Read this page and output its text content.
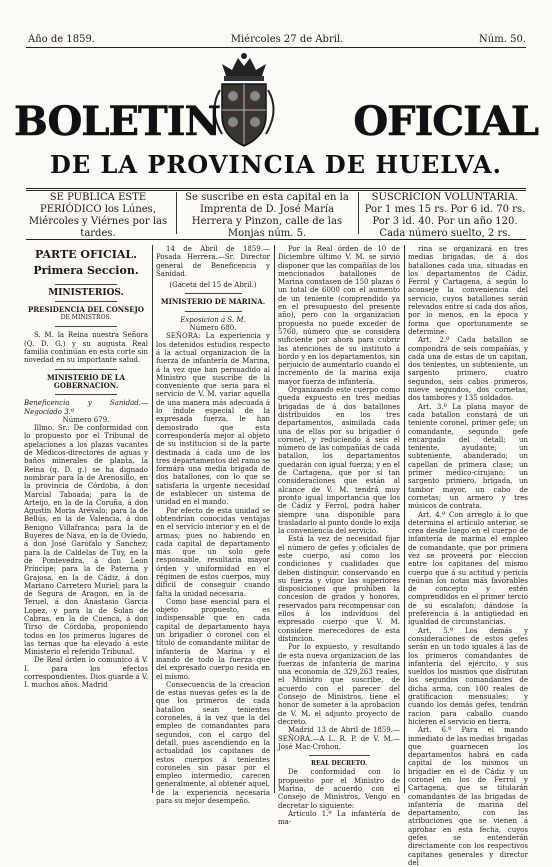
Año de 1859.	Miércoles 27 de Abril.	Núm. 50.
BOLETIN	OFICIAL
DE LA PROVINCIA DE HUELVA.
SE PUBLICA ESTE PERIÓDICO los Lúnes, Miércoles y Viérnes por las tardes.
Se suscribe en esta capital en la Imprenta de D. José María Herrera y Pinzon, calle de las Monjas núm. 5.
SUSCRICION VOLUNTARIA.
Por 1 mes 15 rs. Por 6 id. 70 rs.
Por 3 id. 40. Por un año 120.
Cada número suelto, 2 rs.
PARTE OFICIAL.
Primera Seccion.
MINISTERIOS.
PRESIDENCIA DEL CONSEJO
DE MINISTROS.

S. M. la Reina nuestra Señora (Q. D. G.) y su augusta Real familia continúan en esta corte sin novedad en su importante salud.

MINISTERIO DE LA GOBERNACION.
Beneficencia y Sanidad.— Negociado 3.º
Número 679.

Illmo. Sr.: De conformidad con lo propuesto por el Tribunal de apelaciones a los plazas vacantes de Médicos-directores de aguas y baños minerales de planta, la Reina (q. D. g.) se ha dignado nombrar para la de Arenosillo, en la provincia de Córdoba, á don Marcial Taboada; para la de Arteijo, en la de la Coruña, á don Agustin Moria Arévalo; para la de Bellús, en la de Valencia, á don Benigno Villafranca; para la de Buyeres de Nava, en la de Oviedo, á don José Garófalo y Sanchez; para la de Caldelas de Tuy, en la de Pontevedra, á don Leon Príncipe; para la de Paterna y Grajosa, en la de Cádiz, á don Mariano Carretero Muriel; para la de Segura de Aragon, en la de Teruel, á don Anastasio Garcia Lopez, y para la de Solan de Cabras, en la de Cuenca, á don Tirso de Córdoba, proponiendo todos en los primeros lugares de las ternas que ha elevado á este Ministerio el referido Tribunal.

De Real órden lo comunico á V. I. para los efectos correspondientes. Dios guarde á V. I. muchos años. Madrid

14 de Abril de 1859.—Posada Herrera.—Sr. Director general de Beneficencia y Sanidad.

(Gaceta del 15 de Abril.)
MINISTERIO DE MARINA.
Exposicion á S. M.
Número 680.

SEÑORA: La experiencia y los detenidos estudios respecto á la actual organizacion de la fuerza de infantería de Marina, á la vez que han persuadido al Ministro que suscribe de la conveniente que seria para el servicio de V. M. variar aquella de una manera más adecuada á lo índole especial de la expresada fuerza, le han demostrado que esta correspondería mejor al objeto de su institucion si de la parte destinada á cada uno de los tres departamentos del ramo se formára una media brigada de dos batallones, con lo que se satisfaria la urgente necesidad de establecer un sistema de unidad en el mando.

Por efecto de esta unidad se obtendrian conocidas ventajas en el servicio interior y en el de armas; pues no habiendo en cada capital de departamento más que un solo gefe responsable, resultaria mayor órden y uniformidad en el régimen de estos cuerpos, muy difícil de conseguir cuando falta la unidad necesaria.

Como base esencial para el objeto propuesto, es indispensable que en cada capital de departamento haya un brigadier ó coronel con el título de comandante militar de infantería de Marina y el mando de todo la fuerza que del expresado cuerpo resida en el mismo.

Consecuencia de la creacion de estas nuevas gefes es la de que los primeros de cada batallon sean tenientes coroneles, á la vez que la del empleo de comandantes para segundos, con el cargo del detall, pues ascendiendo en la actualidad los capitanes de estos cuerpos á tenientes coroneles sin pasar por el empleo intermedio, carecen generalmente, al obtener aquel, de la experiencia necesaria para su mejor desempeño.

Por la Real órden de 10 de Diciembre último V. M. se sirvió disponer que las compañías de los mencionados batallones de Marina constasen de 150 plazas ó un total de 6000 con el aumento de un teniente (comprendido ya en el presupuesto del presente año), pero con la organizacion propuesta no puede exceder de 5760, número que se considera suficiente por ahora para cubrir las atenciones de su instituto á bordo y en los departamentos, sin perjuicio de aumentarlo cuando el incremento de la marina exija mayor fuerza de infantería.

Organizando este cuerpo como queda expuesto en tres medias brigadas de á dos batallones distribuidos en los tres departamentos, asimilada cada una de ellas por su brigadier ó coronel, y reduciendo á seis el número de las compañías de cada batallon, los departamentos quedarán con igual fuerza; y en el de Cartagena, que por sí tan consideraciones que están al alcance de V. M. tendrá muy pronto igual importancia que los de Cádiz y Ferrol, podrá haber siempre una disponible para trasladarlo al punto donde lo exija la conveniencia del servicio.

Está la vez de necesidad fijar el número de gefes y oficiales de este cuerpo, así como los condiciones y cualidades que deben distinguir, conservando en su fuerza y vigor las superiores disposiciones que prohiben la concesion de grados y honores, reservados para recompensar con ellos á los individuos del expresado cuerpo que V. M. considere merecedores de esta distincion.

Por lo expuesto, y resultando de esta nueva organizacion de las fuerzas de infantería de marina una economía de 329,263 reales, el Ministro que suscribe, de acuerdo con el parecer del Consejo de Ministros, tiene el honor de someter á la aprobacion de V. M. el adjunto proyecto de decreto.

Madrid 13 de Abril de 1859.— SEÑORA.—A L. R. P. de V. M.—José Mac-Crohon.

REAL DECRETO.

De conformidad con lo propuesto por el Ministro de Marina, de acuerdo con el Consejo de Ministros, Vengo en decretar lo siguiente:

Artículo 1.º La infantería de ma-

rina se organizará en tres medias brigadas, de á dos batallones cada una, situadas en los departamentos de Cádiz, Ferrol y Cartagena, á según lo aconseje la conveniencia del servicio, cuyos batallones serán relevados entre sí cada dos años, por lo menos, en la época y forma que oportunamente se determine.

Art. 2.º Cada batallon se compondrá de seis compañías, y cada una de estas de un capitan, dos tenientes, un subteniente, un sargento primero, cuatro segundos, seis cabos primeros, nueve segundos, dos cornetas, dos tambores y 135 soldados.

Art. 3.º La plana mayor de cada batallon constará de un teniente coronel, primer gefe; un comandante, segundo gefe encargado del detall; un teniente, ayudante; un subteniente, abanderado; un capellan de primera clase; un primer médico-cirujano; un sargento primero, brigada, un tambor mayor, un cabo de cornetas; un armero y tres músicos de contrata.

Art. 4.º Con arreglo á lo que determina el artículo anterior, se crea desde luego en el cuerpo de infantería de marina el empleo de comandante, que por primera vez se proveerá por eleccion entre los capitanes del mismo cuerpo que á su actitud y pericia reúnan los notas más favorables de concepto y estén comprendidos en el primer tercio de su escalafon; dándose la preferencia á la antigüedad en igualdad de circunstancias.

Art. 5.º Los demás y consideraciones de estos gefes serán en un todo iguales á las de los primeros comandantes de infantería del ejército, y sus sueldos los mismos que disfrutan los segundos comandantes de dicha arma, con 100 reales de gratificacion mensuales; y cuando los demás gefes, tendrán racion para caballo cuando hicieren el servicio en tierra.

Art. 6.º Para el mando inmediato de las medias brigadas que guarnecen los departamentos habrá en cada capital de los mismos un brigadier en el de Cádiz y un coronel en los de Ferrol y Cartagena, que se titularán comandantes de las brigadas de infantería de marina del departamento, con las atribuciones que se vienen á aprobar en esta fecha, cuyos gefes se entenderán directamente con los respectivos capitanes generales y director del
